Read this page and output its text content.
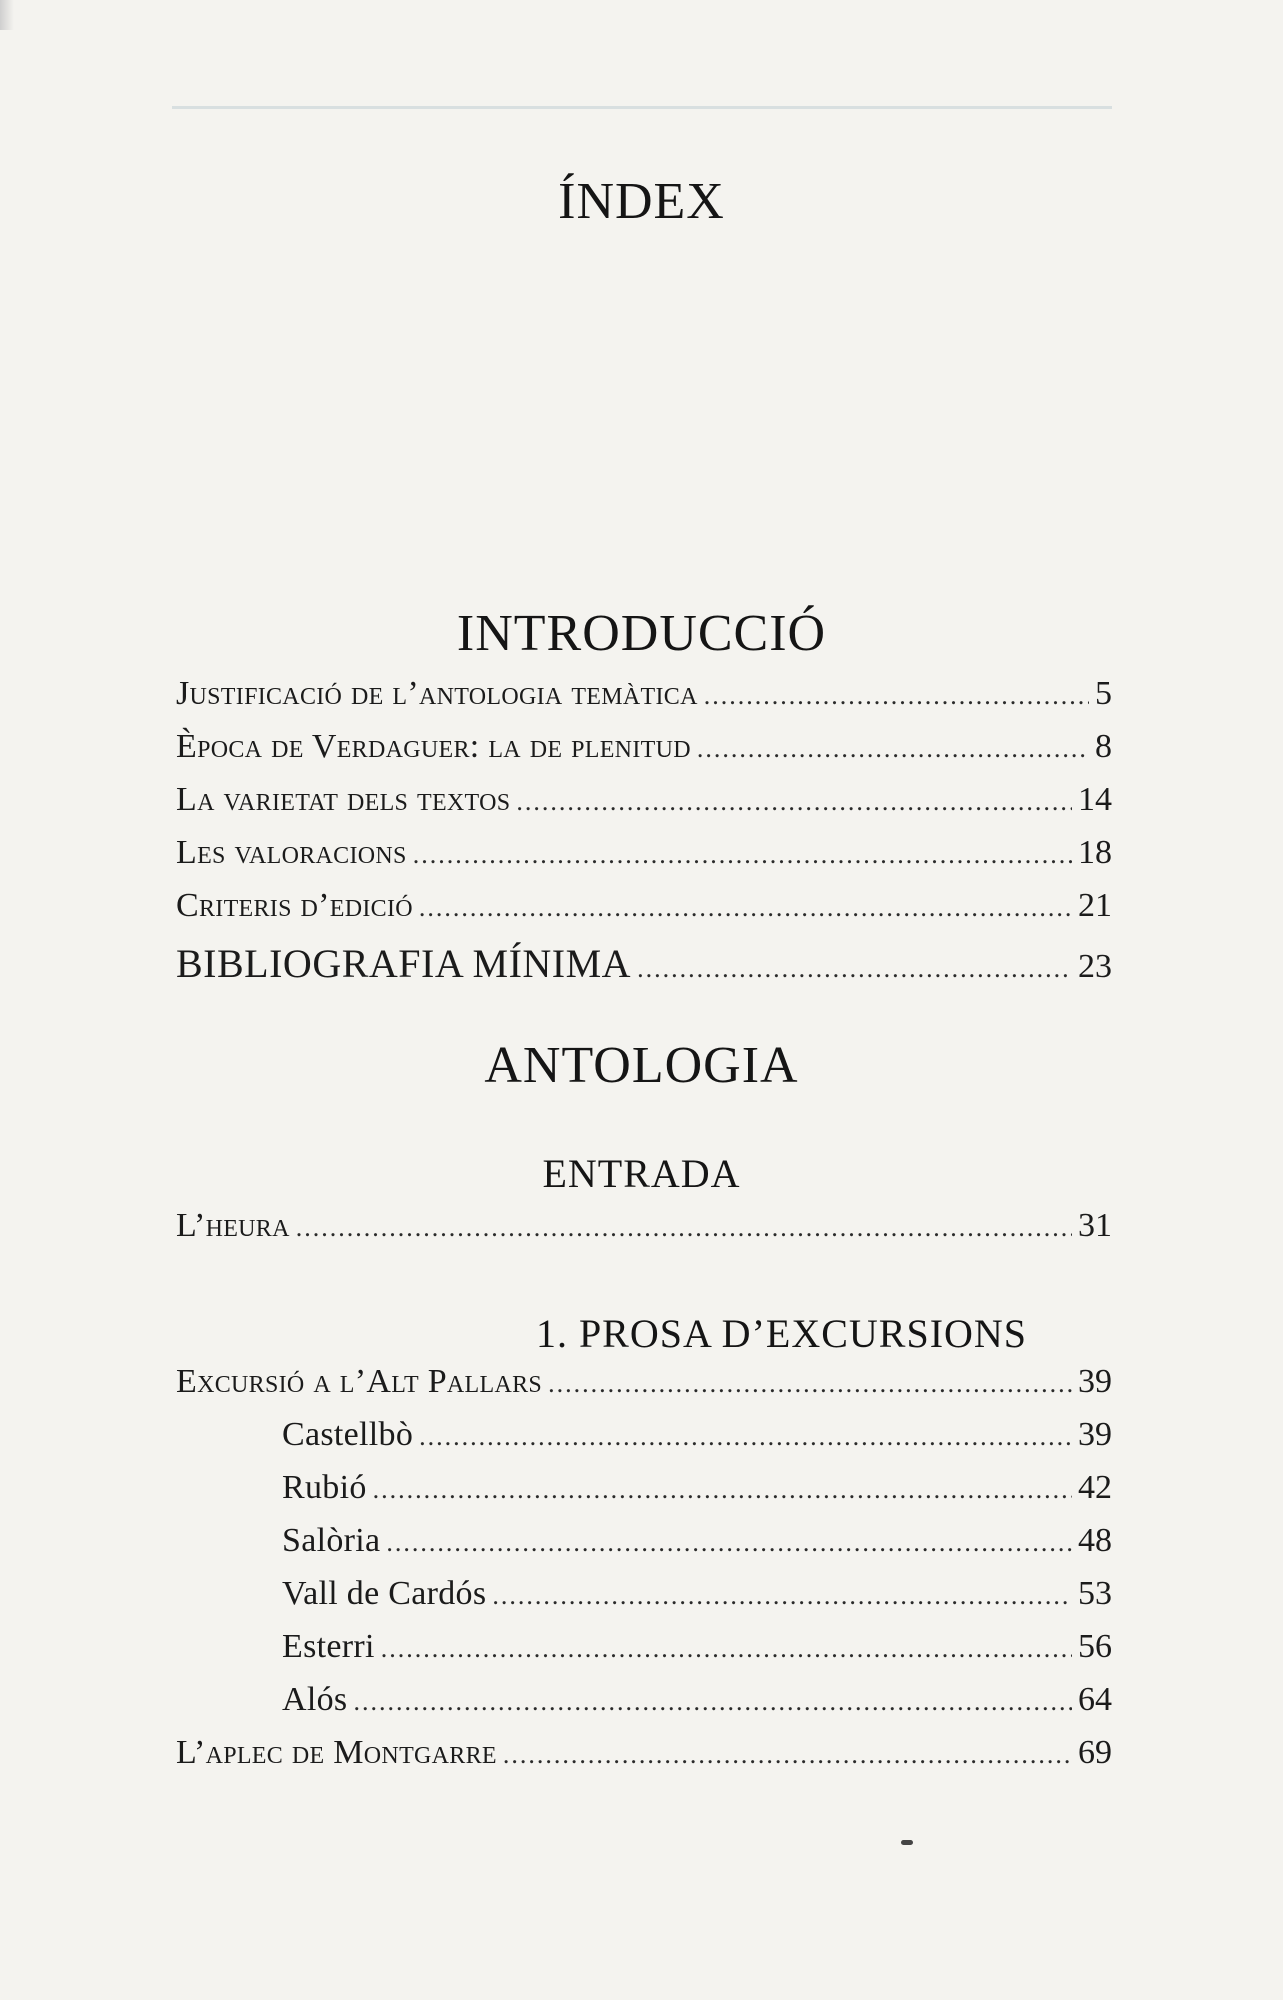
ÍNDEX
INTRODUCCIÓ
Justificació de l’antologia temàtica .....	5
Època de Verdaguer: la de plenitud .....	8
La varietat dels textos .....	14
Les valoracions .....	18
Criteris d’edició .....	21
BIBLIOGRAFIA MÍNIMA .....	23
ANTOLOGIA
ENTRADA
L’heura .....	31
1. PROSA D’EXCURSIONS
Excursió a l’Alt Pallars .....	39
Castellbò .....	39
Rubió .....	42
Salòria .....	48
Vall de Cardós .....	53
Esterri .....	56
Alós .....	64
L’aplec de Montgarre .....	69
